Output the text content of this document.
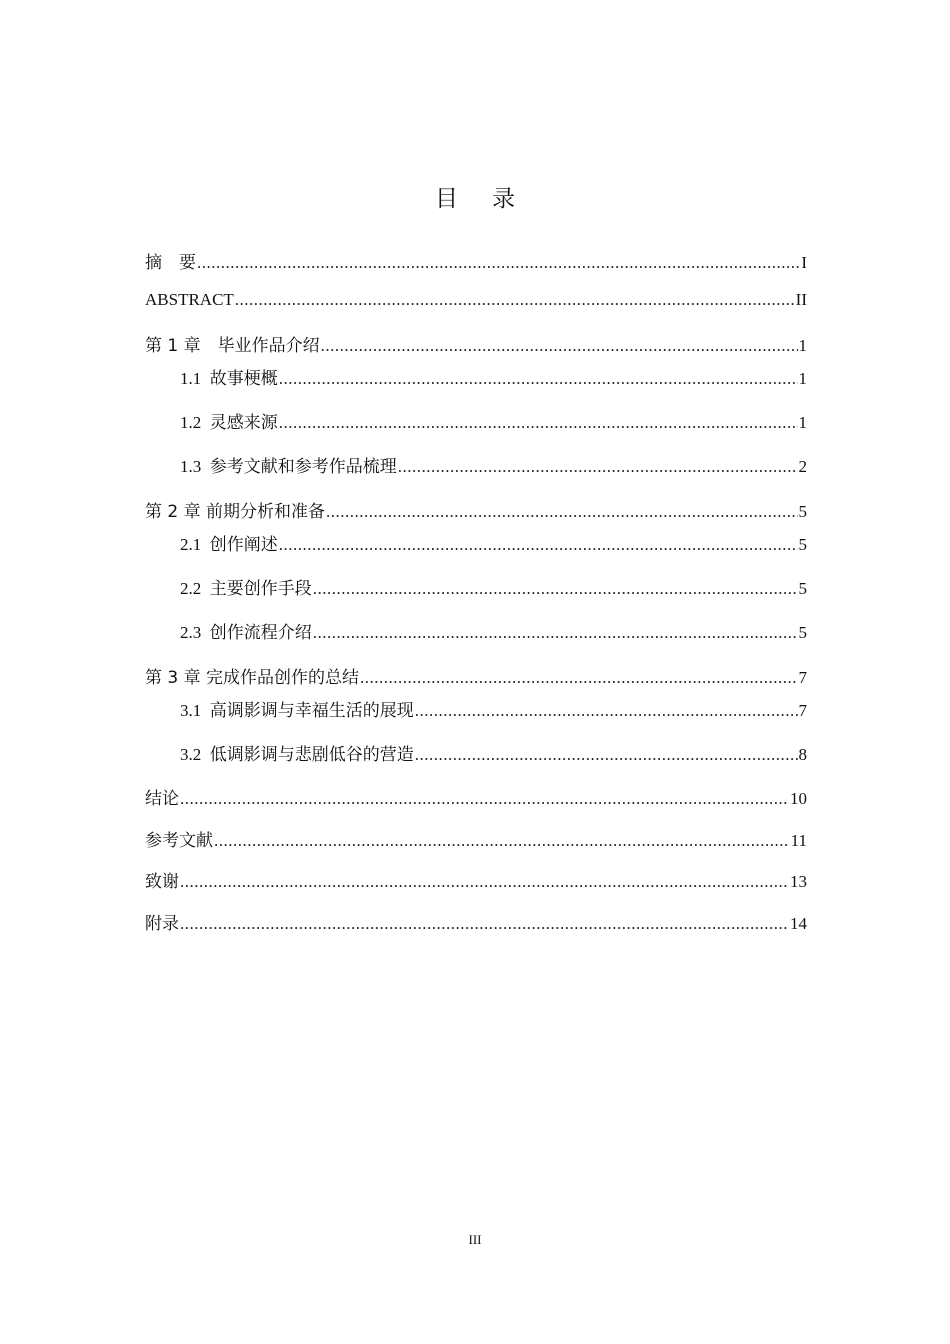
目 录
摘　要 .....	I
ABSTRACT .....	II
第 1 章　毕业作品介绍 .....	1
1.1 故事梗概 .....	1
1.2 灵感来源 .....	1
1.3 参考文献和参考作品梳理 .....	2
第 2 章 前期分析和准备 .....	5
2.1 创作阐述 .....	5
2.2 主要创作手段 .....	5
2.3 创作流程介绍 .....	5
第 3 章 完成作品创作的总结 .....	7
3.1 高调影调与幸福生活的展现 .....	7
3.2 低调影调与悲剧低谷的营造 .....	8
结论 .....	10
参考文献 .....	11
致谢 .....	13
附录 .....	14
III
